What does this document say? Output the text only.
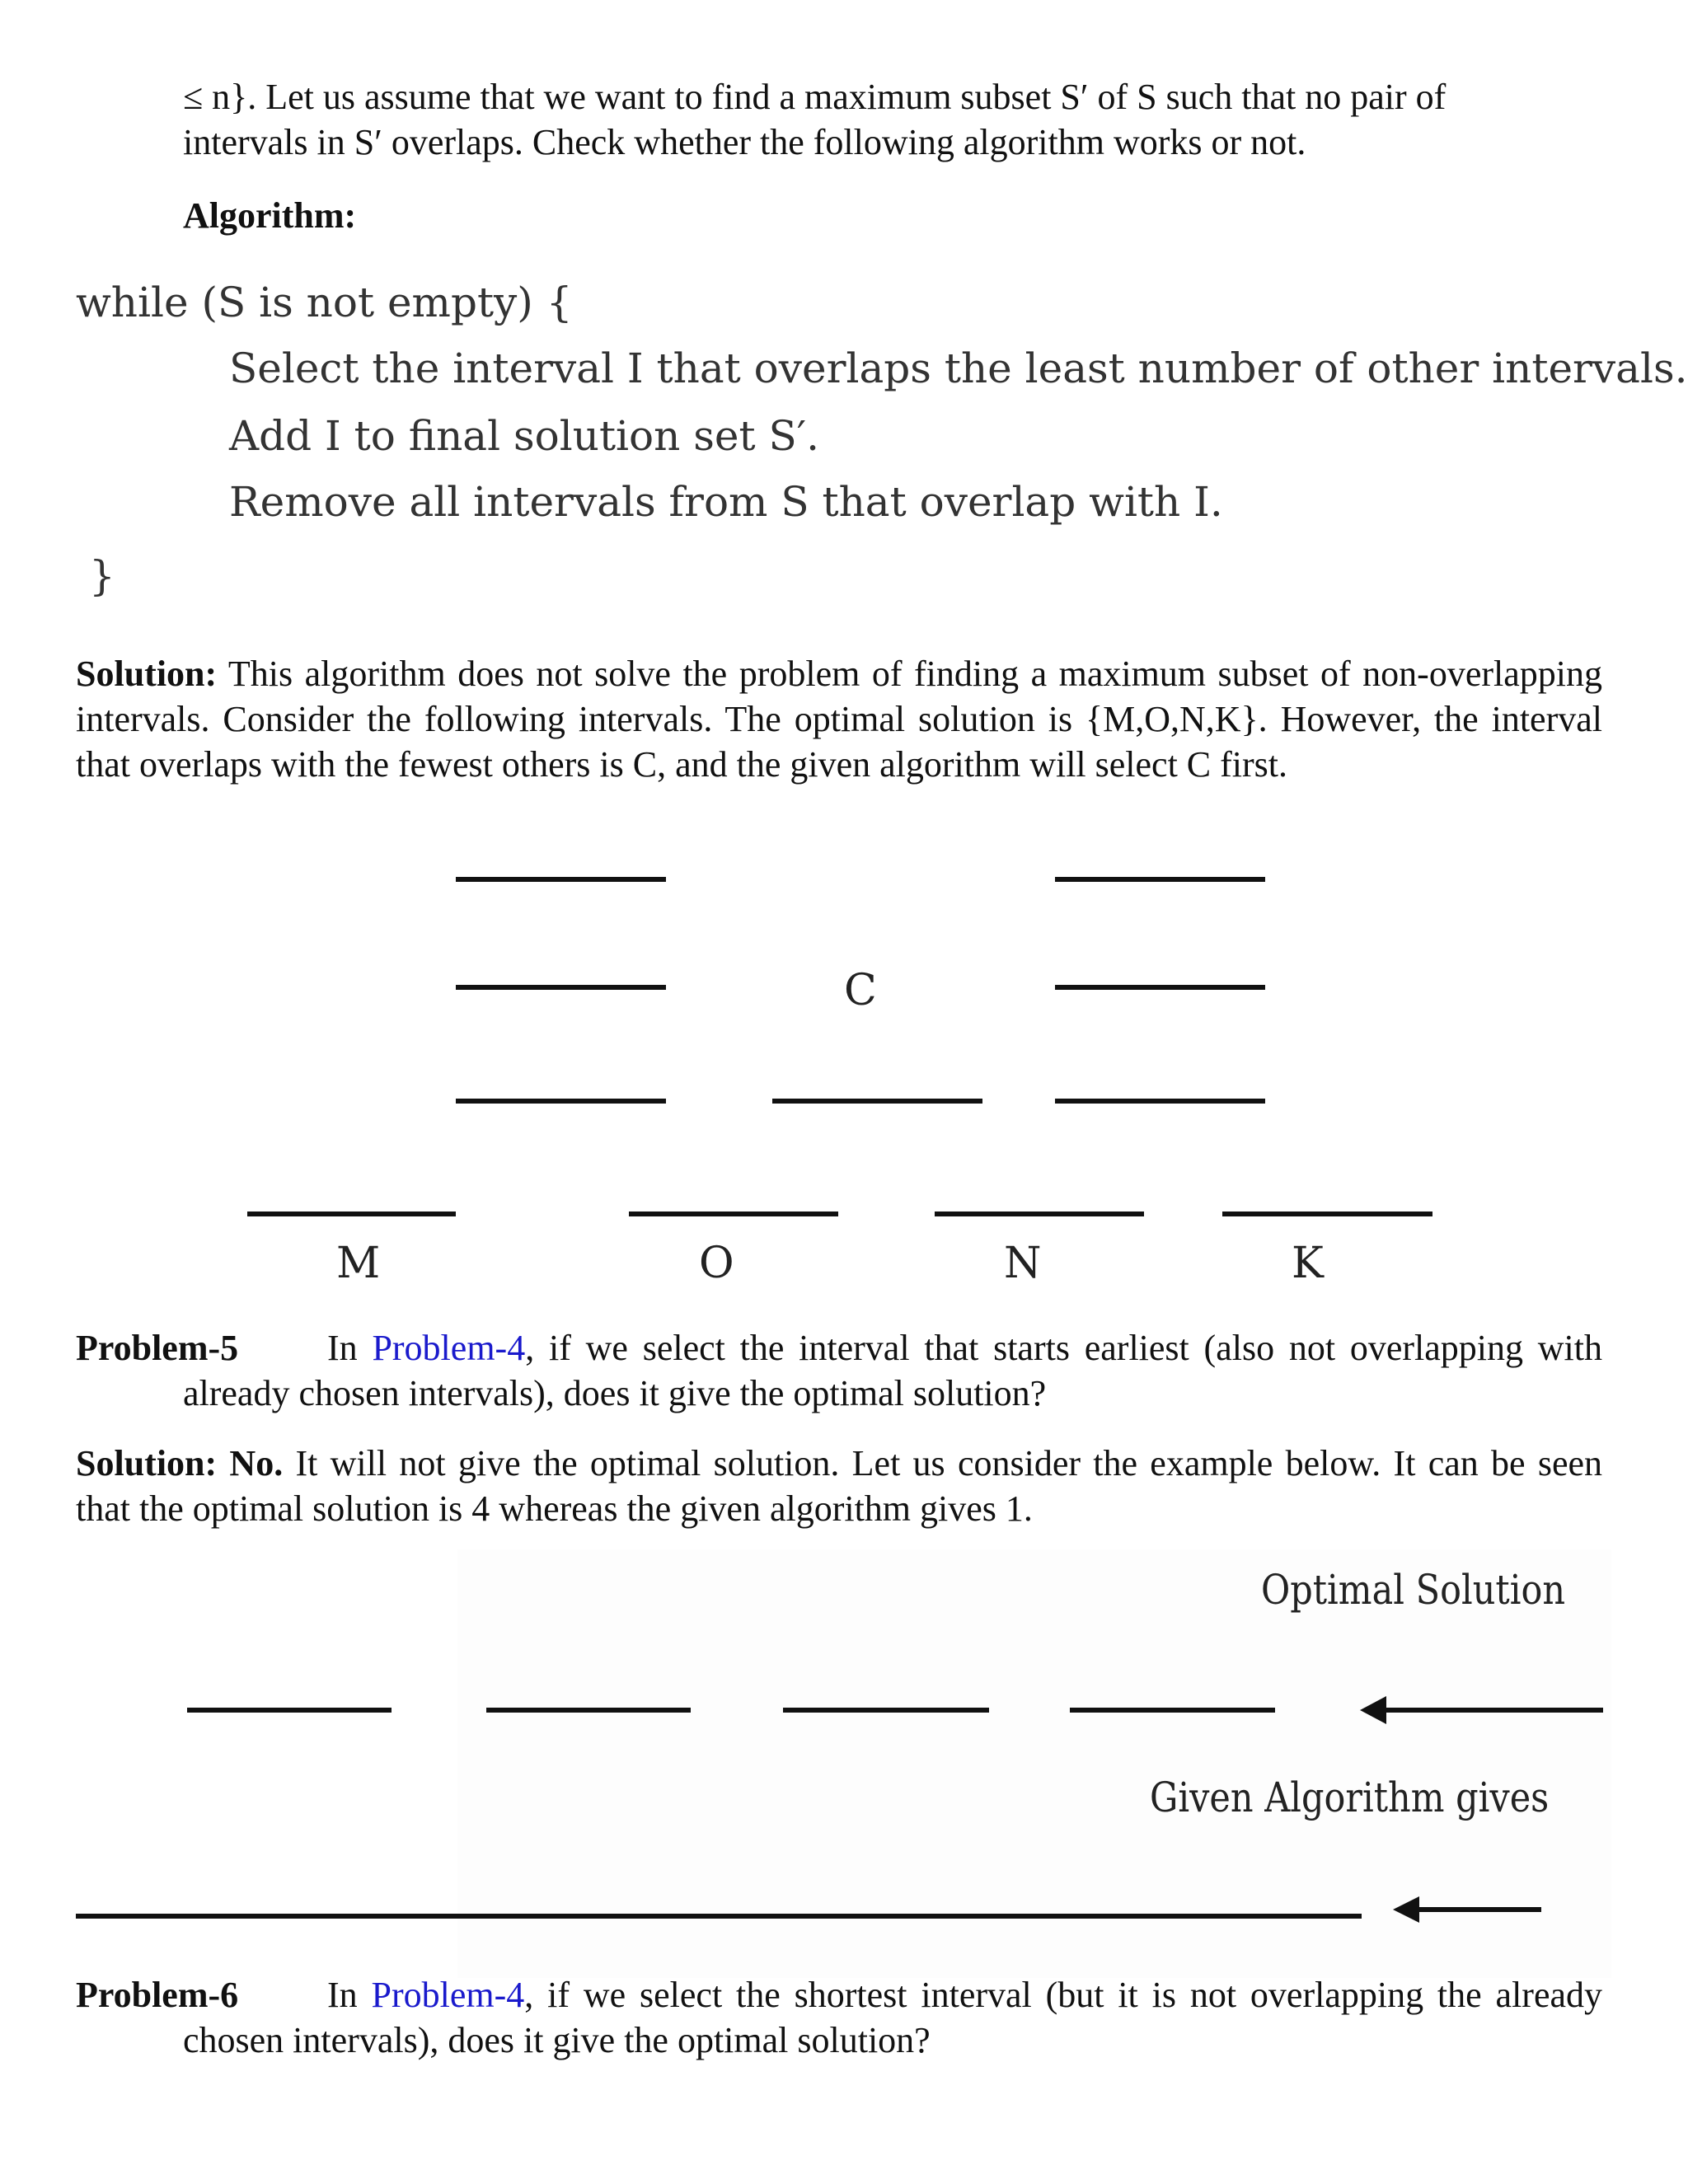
≤ n}. Let us assume that we want to find a maximum subset S′ of S such that no pair of
intervals in S′ overlaps. Check whether the following algorithm works or not.
Algorithm:
while (S is not empty) {
Select the interval I that overlaps the least number of other intervals.
Add I to final solution set S′.
Remove all intervals from S that overlap with I.
}
Solution: This algorithm does not solve the problem of finding a maximum subset of non-overlapping intervals. Consider the following intervals. The optimal solution is {M,O,N,K}. However, the interval that overlaps with the fewest others is C, and the given algorithm will select C first.
C
M	O	N	K
Problem-5 In Problem-4, if we select the interval that starts earliest (also not overlapping with already chosen intervals), does it give the optimal solution?
Solution: No. It will not give the optimal solution. Let us consider the example below. It can be seen that the optimal solution is 4 whereas the given algorithm gives 1.
Optimal Solution
Given Algorithm gives
Problem-6 In Problem-4, if we select the shortest interval (but it is not overlapping the already chosen intervals), does it give the optimal solution?
